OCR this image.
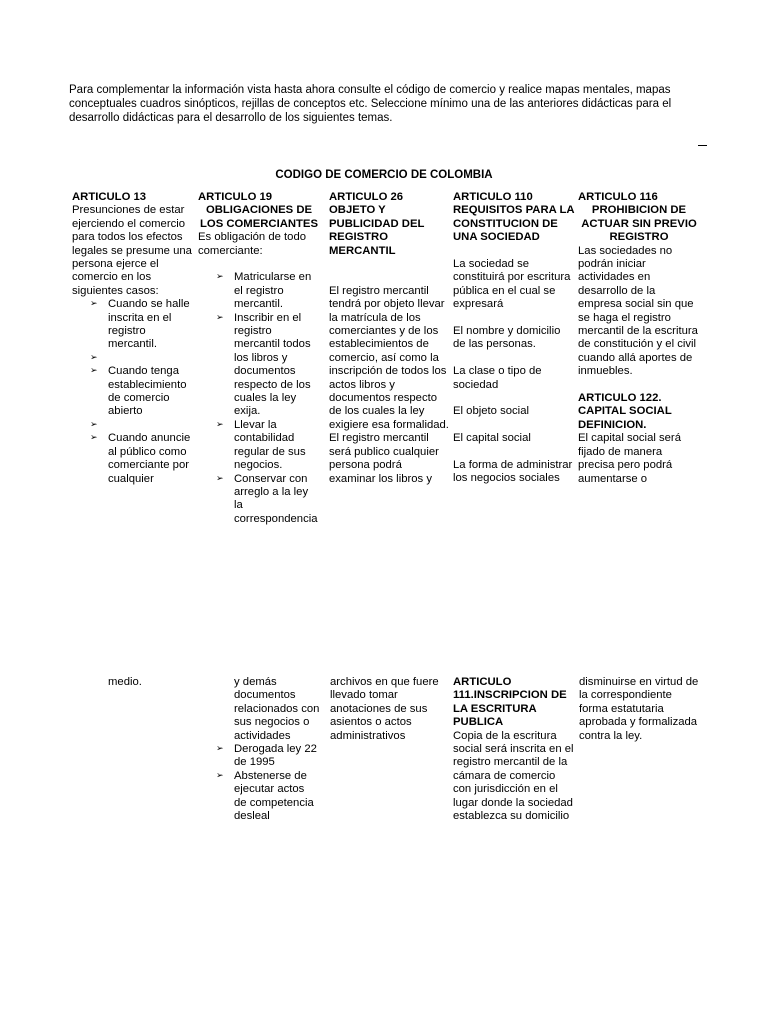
Para complementar la información vista hasta ahora consulte el código de comercio y realice mapas mentales, mapas conceptuales cuadros sinópticos, rejillas de conceptos etc. Seleccione mínimo una de las anteriores didácticas para el desarrollo didácticas para el desarrollo de los siguientes temas.
CODIGO DE COMERCIO DE COLOMBIA

ARTICULO 13

Presunciones de estar ejerciendo el comercio para todos los efectos legales se presume una persona ejerce el comercio en los siguientes casos:

➢ Cuando se halle inscrita en el registro mercantil.
➢
➢ Cuando tenga establecimiento de comercio abierto
➢
➢ Cuando anuncie al público como comerciante por cualquier

ARTICULO 19

OBLIGACIONES DE LOS COMERCIANTES

Es obligación de todo comerciante:

➢ Matricularse en el registro mercantil.
➢ Inscribir en el registro mercantil todos los libros y documentos respecto de los cuales la ley exija.
➢ Llevar la contabilidad regular de sus negocios.
➢ Conservar con arreglo a la ley la correspondencia

ARTICULO 26 OBJETO Y PUBLICIDAD DEL REGISTRO MERCANTIL

El registro mercantil tendrá por objeto llevar la matrícula de los comerciantes y de los establecimientos de comercio, así como la inscripción de todos los actos libros y documentos respecto de los cuales la ley exigiere esa formalidad.

El registro mercantil será publico cualquier persona podrá examinar los libros y

ARTICULO 110 REQUISITOS PARA LA CONSTITUCION DE UNA SOCIEDAD

La sociedad se constituirá por escritura pública en el cual se expresará

El nombre y domicilio de las personas.

La clase o tipo de sociedad

El objeto social

El capital social

La forma de administrar los negocios sociales

ARTICULO 116

PROHIBICION DE ACTUAR SIN PREVIO REGISTRO

Las sociedades no podrán iniciar actividades en desarrollo de la empresa social sin que se haga el registro mercantil de la escritura de constitución y el civil cuando allá aportes de inmuebles.

ARTICULO 122. CAPITAL SOCIAL DEFINICION.

El capital social será fijado de manera precisa pero podrá aumentarse o

medio.	y demás documentos relacionados con sus negocios o actividades

➢ Derogada ley 22 de 1995
➢ Abstenerse de ejecutar actos de competencia desleal

archivos en que fuere llevado tomar anotaciones de sus asientos o actos administrativos

ARTICULO 111.INSCRIPCION DE LA ESCRITURA PUBLICA

Copia de la escritura social será inscrita en el registro mercantil de la cámara de comercio con jurisdicción en el lugar donde la sociedad establezca su domicilio

disminuirse en virtud de la correspondiente forma estatutaria aprobada y formalizada contra la ley.
